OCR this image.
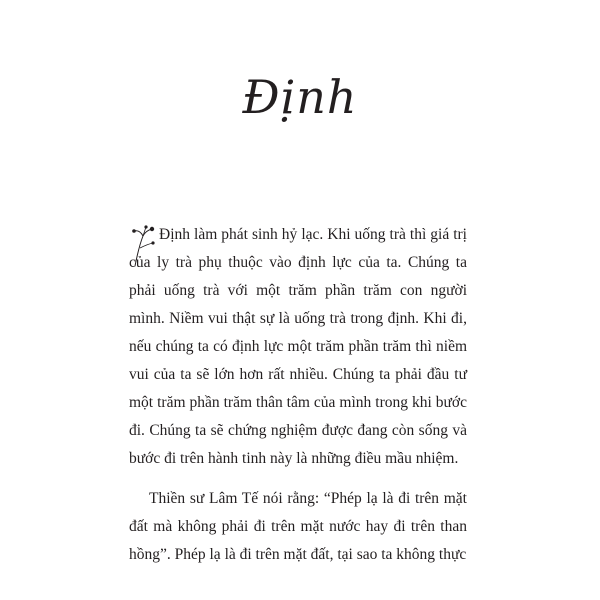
Định

Định làm phát sinh hỷ lạc. Khi uống trà thì giá trị của ly trà phụ thuộc vào định lực của ta. Chúng ta phải uống trà với một trăm phần trăm con người mình. Niềm vui thật sự là uống trà trong định. Khi đi, nếu chúng ta có định lực một trăm phần trăm thì niềm vui của ta sẽ lớn hơn rất nhiều. Chúng ta phải đầu tư một trăm phần trăm thân tâm của mình trong khi bước đi. Chúng ta sẽ chứng nghiệm được đang còn sống và bước đi trên hành tinh này là những điều mầu nhiệm.

Thiền sư Lâm Tế nói rằng: “Phép lạ là đi trên mặt đất mà không phải đi trên mặt nước hay đi trên than hồng”. Phép lạ là đi trên mặt đất, tại sao ta không thực
